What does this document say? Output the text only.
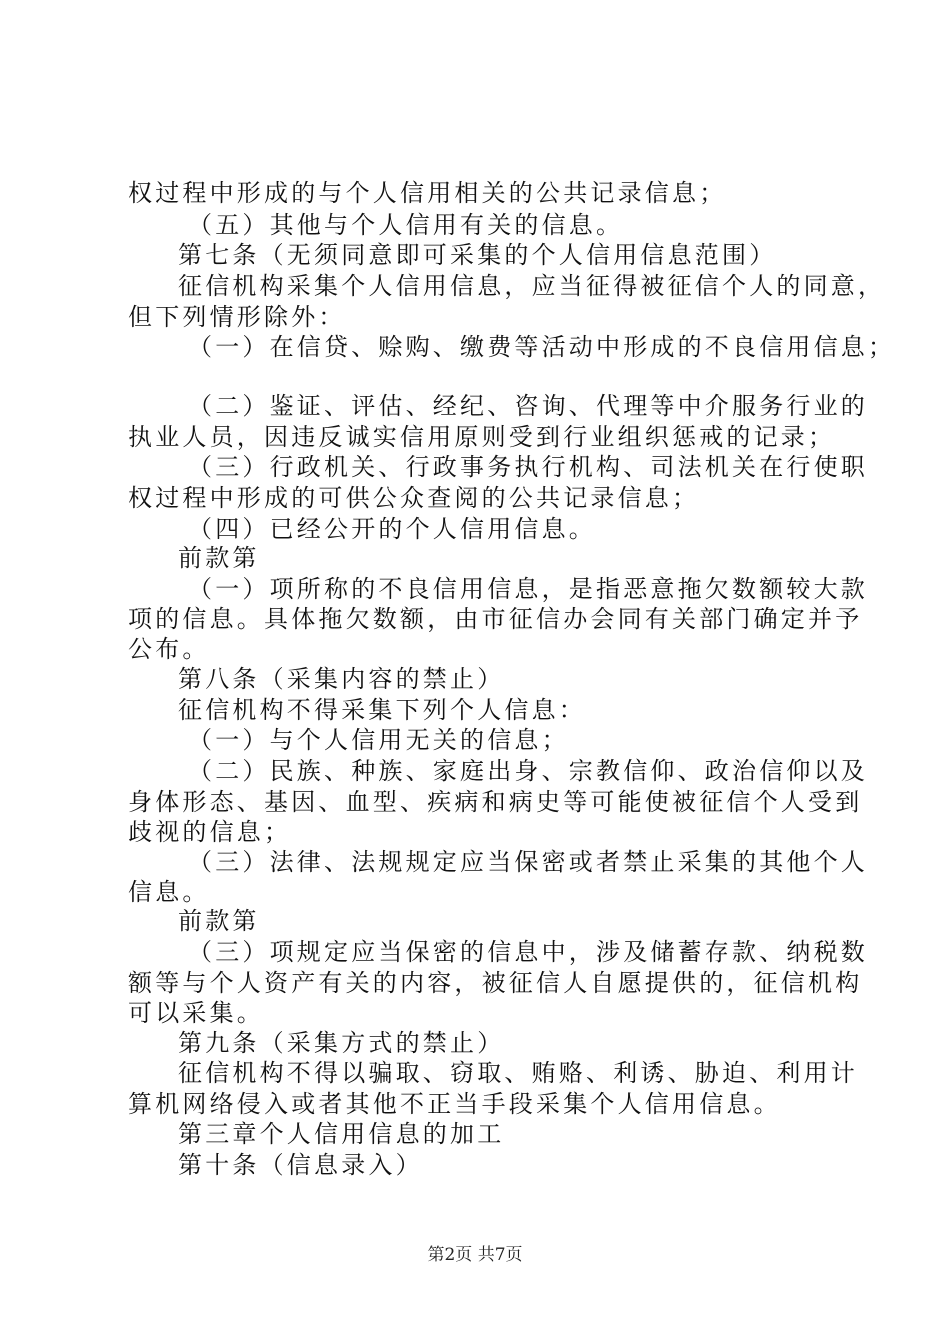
权过程中形成的与个人信用相关的公共记录信息；
（五）其他与个人信用有关的信息。
第七条（无须同意即可采集的个人信用信息范围）
征信机构采集个人信用信息，应当征得被征信个人的同意，
但下列情形除外：
（一）在信贷、赊购、缴费等活动中形成的不良信用信息；
（二）鉴证、评估、经纪、咨询、代理等中介服务行业的
执业人员，因违反诚实信用原则受到行业组织惩戒的记录；
（三）行政机关、行政事务执行机构、司法机关在行使职
权过程中形成的可供公众查阅的公共记录信息；
（四）已经公开的个人信用信息。
前款第
（一）项所称的不良信用信息，是指恶意拖欠数额较大款
项的信息。具体拖欠数额，由市征信办会同有关部门确定并予
公布。
第八条（采集内容的禁止）
征信机构不得采集下列个人信息：
（一）与个人信用无关的信息；
（二）民族、种族、家庭出身、宗教信仰、政治信仰以及
身体形态、基因、血型、疾病和病史等可能使被征信个人受到
歧视的信息；
（三）法律、法规规定应当保密或者禁止采集的其他个人
信息。
前款第
（三）项规定应当保密的信息中，涉及储蓄存款、纳税数
额等与个人资产有关的内容，被征信人自愿提供的，征信机构
可以采集。
第九条（采集方式的禁止）
征信机构不得以骗取、窃取、贿赂、利诱、胁迫、利用计
算机网络侵入或者其他不正当手段采集个人信用信息。
第三章个人信用信息的加工
第十条（信息录入）
第2页 共7页
